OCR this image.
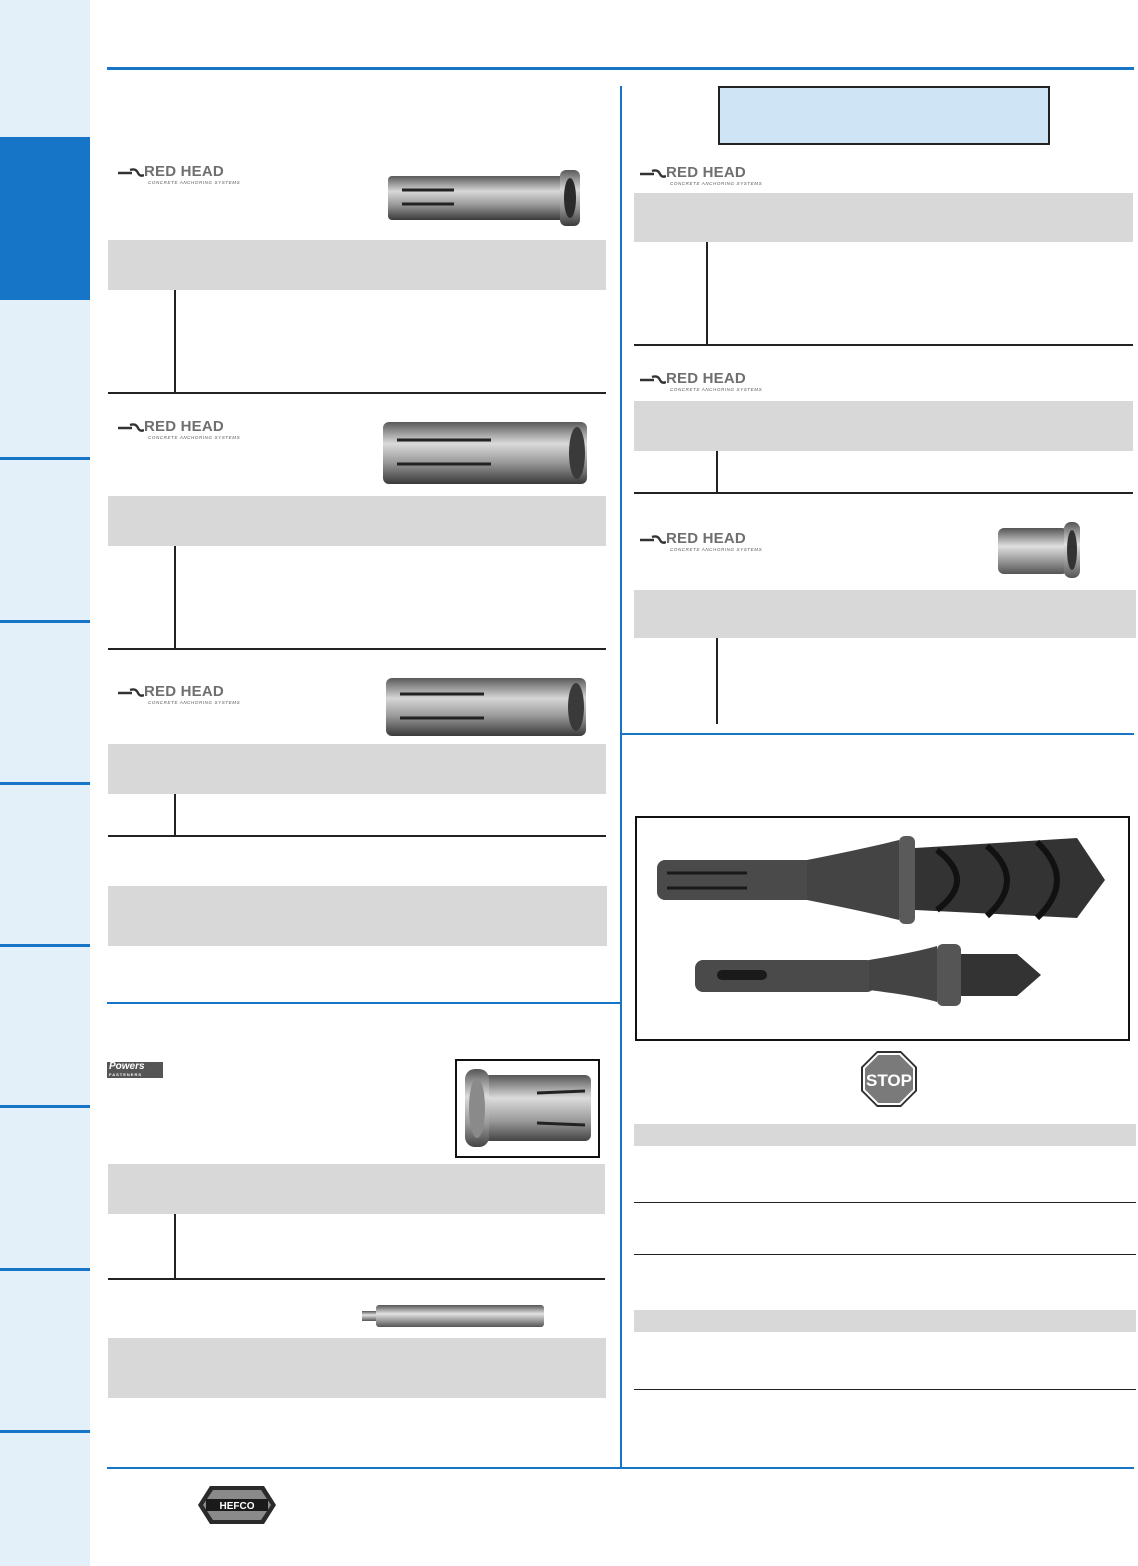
RED HEAD
CONCRETE ANCHORING SYSTEMS
RED HEAD
CONCRETE ANCHORING SYSTEMS
RED HEAD
CONCRETE ANCHORING SYSTEMS
Powers
FASTENERS
RED HEAD
CONCRETE ANCHORING SYSTEMS
RED HEAD
CONCRETE ANCHORING SYSTEMS
RED HEAD
CONCRETE ANCHORING SYSTEMS
STOP
HEFCO
